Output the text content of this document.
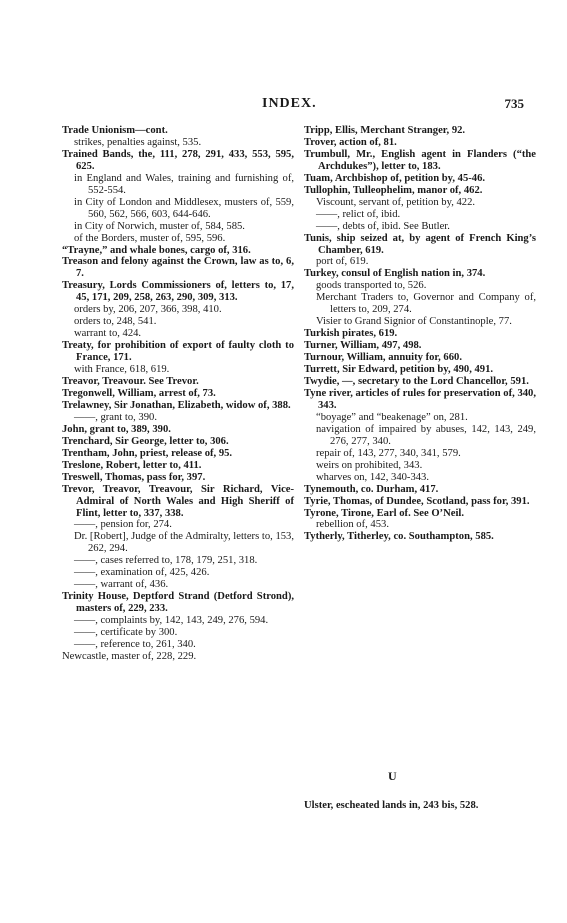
INDEX.	735
Trade Unionism—cont.
strikes, penalties against, 535.
Trained Bands, the, 111, 278, 291, 433, 553, 595, 625.
in England and Wales, training and furnishing of, 552-554.
in City of London and Middlesex, musters of, 559, 560, 562, 566, 603, 644-646.
in City of Norwich, muster of, 584, 585.
of the Borders, muster of, 595, 596.
“Trayne,” and whale bones, cargo of, 316.
Treason and felony against the Crown, law as to, 6, 7.
Treasury, Lords Commissioners of, letters to, 17, 45, 171, 209, 258, 263, 290, 309, 313.
orders by, 206, 207, 366, 398, 410.
orders to, 248, 541.
warrant to, 424.
Treaty, for prohibition of export of faulty cloth to France, 171.
with France, 618, 619.
Treavor, Treavour. See Trevor.
Tregonwell, William, arrest of, 73.
Trelawney, Sir Jonathan, Elizabeth, widow of, 388.
——, grant to, 390.
John, grant to, 389, 390.
Trenchard, Sir George, letter to, 306.
Trentham, John, priest, release of, 95.
Treslone, Robert, letter to, 411.
Treswell, Thomas, pass for, 397.
Trevor, Treavor, Treavour, Sir Richard, Vice-Admiral of North Wales and High Sheriff of Flint, letter to, 337, 338.
——, pension for, 274.
Dr. [Robert], Judge of the Admiralty, letters to, 153, 262, 294.
——, cases referred to, 178, 179, 251, 318.
——, examination of, 425, 426.
——, warrant of, 436.
Trinity House, Deptford Strand (Detford Strond), masters of, 229, 233.
——, complaints by, 142, 143, 249, 276, 594.
——, certificate by 300.
——, reference to, 261, 340.
Newcastle, master of, 228, 229.
Tripp, Ellis, Merchant Stranger, 92.
Trover, action of, 81.
Trumbull, Mr., English agent in Flanders (“the Archdukes”), letter to, 183.
Tuam, Archbishop of, petition by, 45-46.
Tullophin, Tulleophelim, manor of, 462.
Viscount, servant of, petition by, 422.
——, relict of, ibid.
——, debts of, ibid. See Butler.
Tunis, ship seized at, by agent of French King’s Chamber, 619.
port of, 619.
Turkey, consul of English nation in, 374.
goods transported to, 526.
Merchant Traders to, Governor and Company of, letters to, 209, 274.
Visier to Grand Signior of Constantinople, 77.
Turkish pirates, 619.
Turner, William, 497, 498.
Turnour, William, annuity for, 660.
Turrett, Sir Edward, petition by, 490, 491.
Twydie, —, secretary to the Lord Chancellor, 591.
Tyne river, articles of rules for preservation of, 340, 343.
“boyage” and “beakenage” on, 281.
navigation of impaired by abuses, 142, 143, 249, 276, 277, 340.
repair of, 143, 277, 340, 341, 579.
weirs on prohibited, 343.
wharves on, 142, 340-343.
Tynemouth, co. Durham, 417.
Tyrie, Thomas, of Dundee, Scotland, pass for, 391.
Tyrone, Tirone, Earl of. See O’Neil.
rebellion of, 453.
Tytherly, Titherley, co. Southampton, 585.
U
Ulster, escheated lands in, 243 bis, 528.
